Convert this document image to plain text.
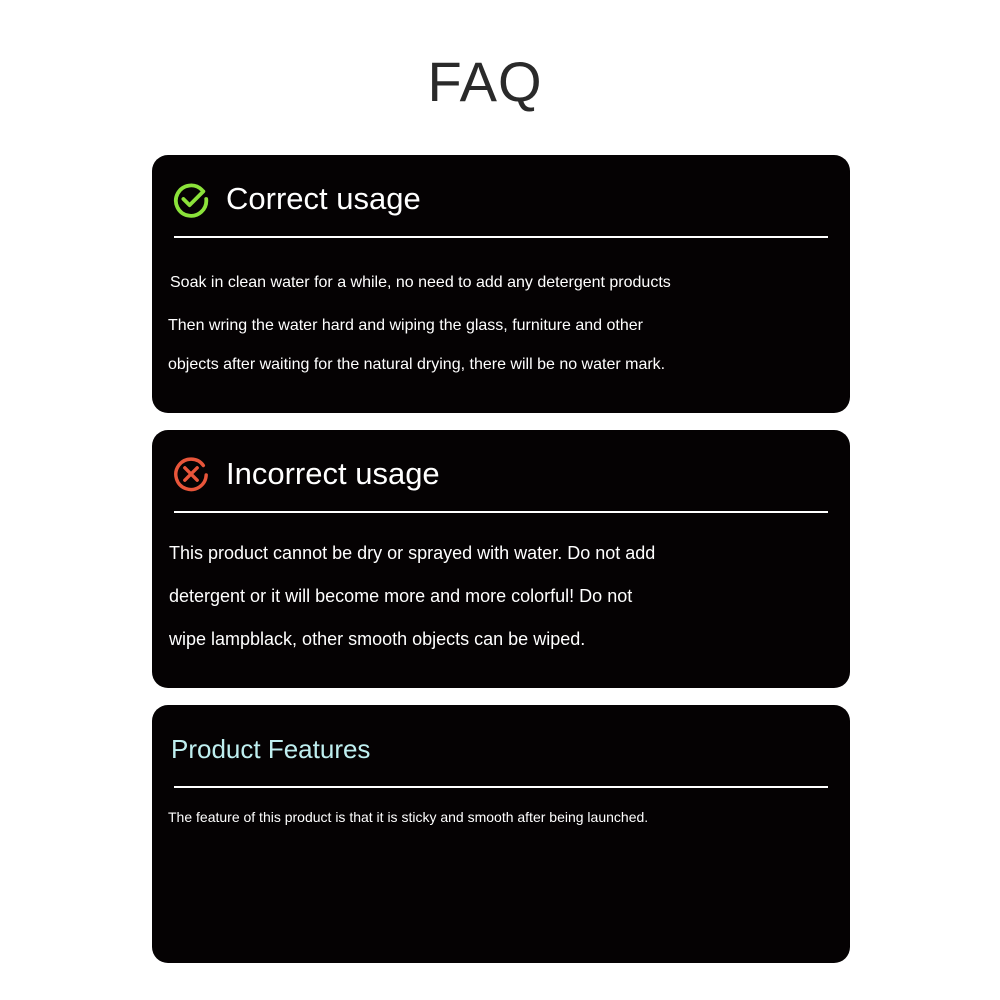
FAQ
Correct usage
Soak in clean water for a while, no need to add any detergent products
Then wring the water hard and wiping the glass, furniture and other
objects after waiting for the natural drying, there will be no water mark.
Incorrect usage
This product cannot be dry or sprayed with water. Do not add
detergent or it will become more and more colorful! Do not
wipe lampblack, other smooth objects can be wiped.
Product Features
The feature of this product is that it is sticky and smooth after being launched.
